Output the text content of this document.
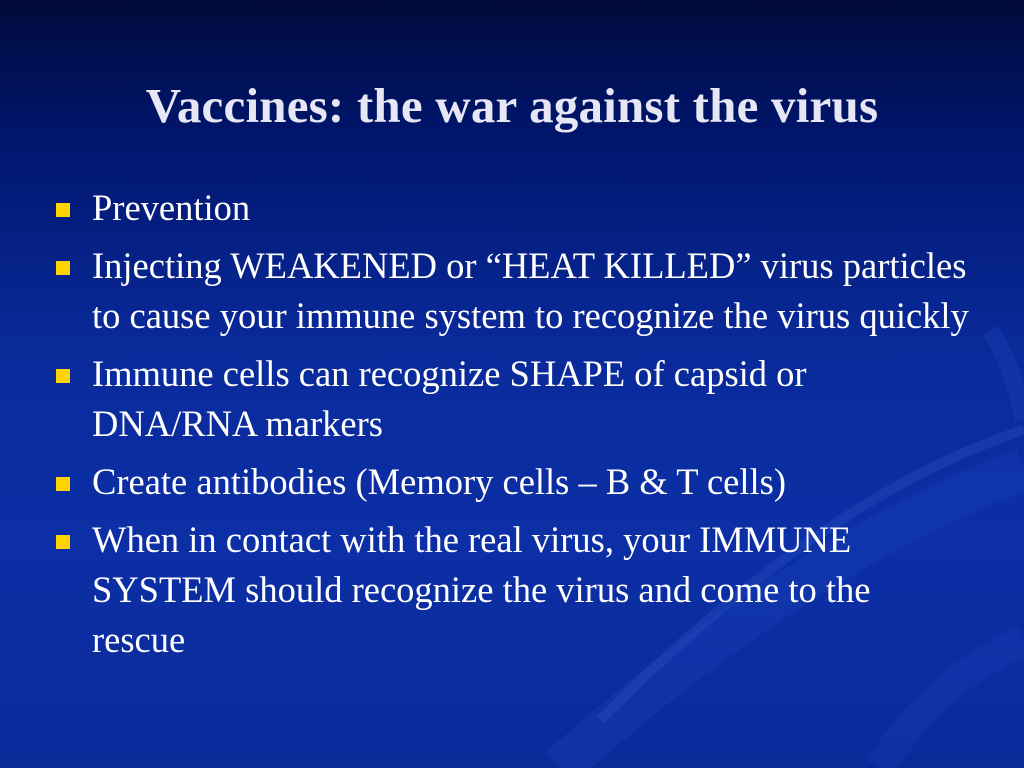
Vaccines: the war against the virus
Prevention
Injecting WEAKENED or “HEAT KILLED” virus particles to cause your immune system to recognize the virus quickly
Immune cells can recognize SHAPE of capsid or DNA/RNA markers
Create antibodies (Memory cells – B & T cells)
When in contact with the real virus, your IMMUNE SYSTEM should recognize the virus and come to the rescue
